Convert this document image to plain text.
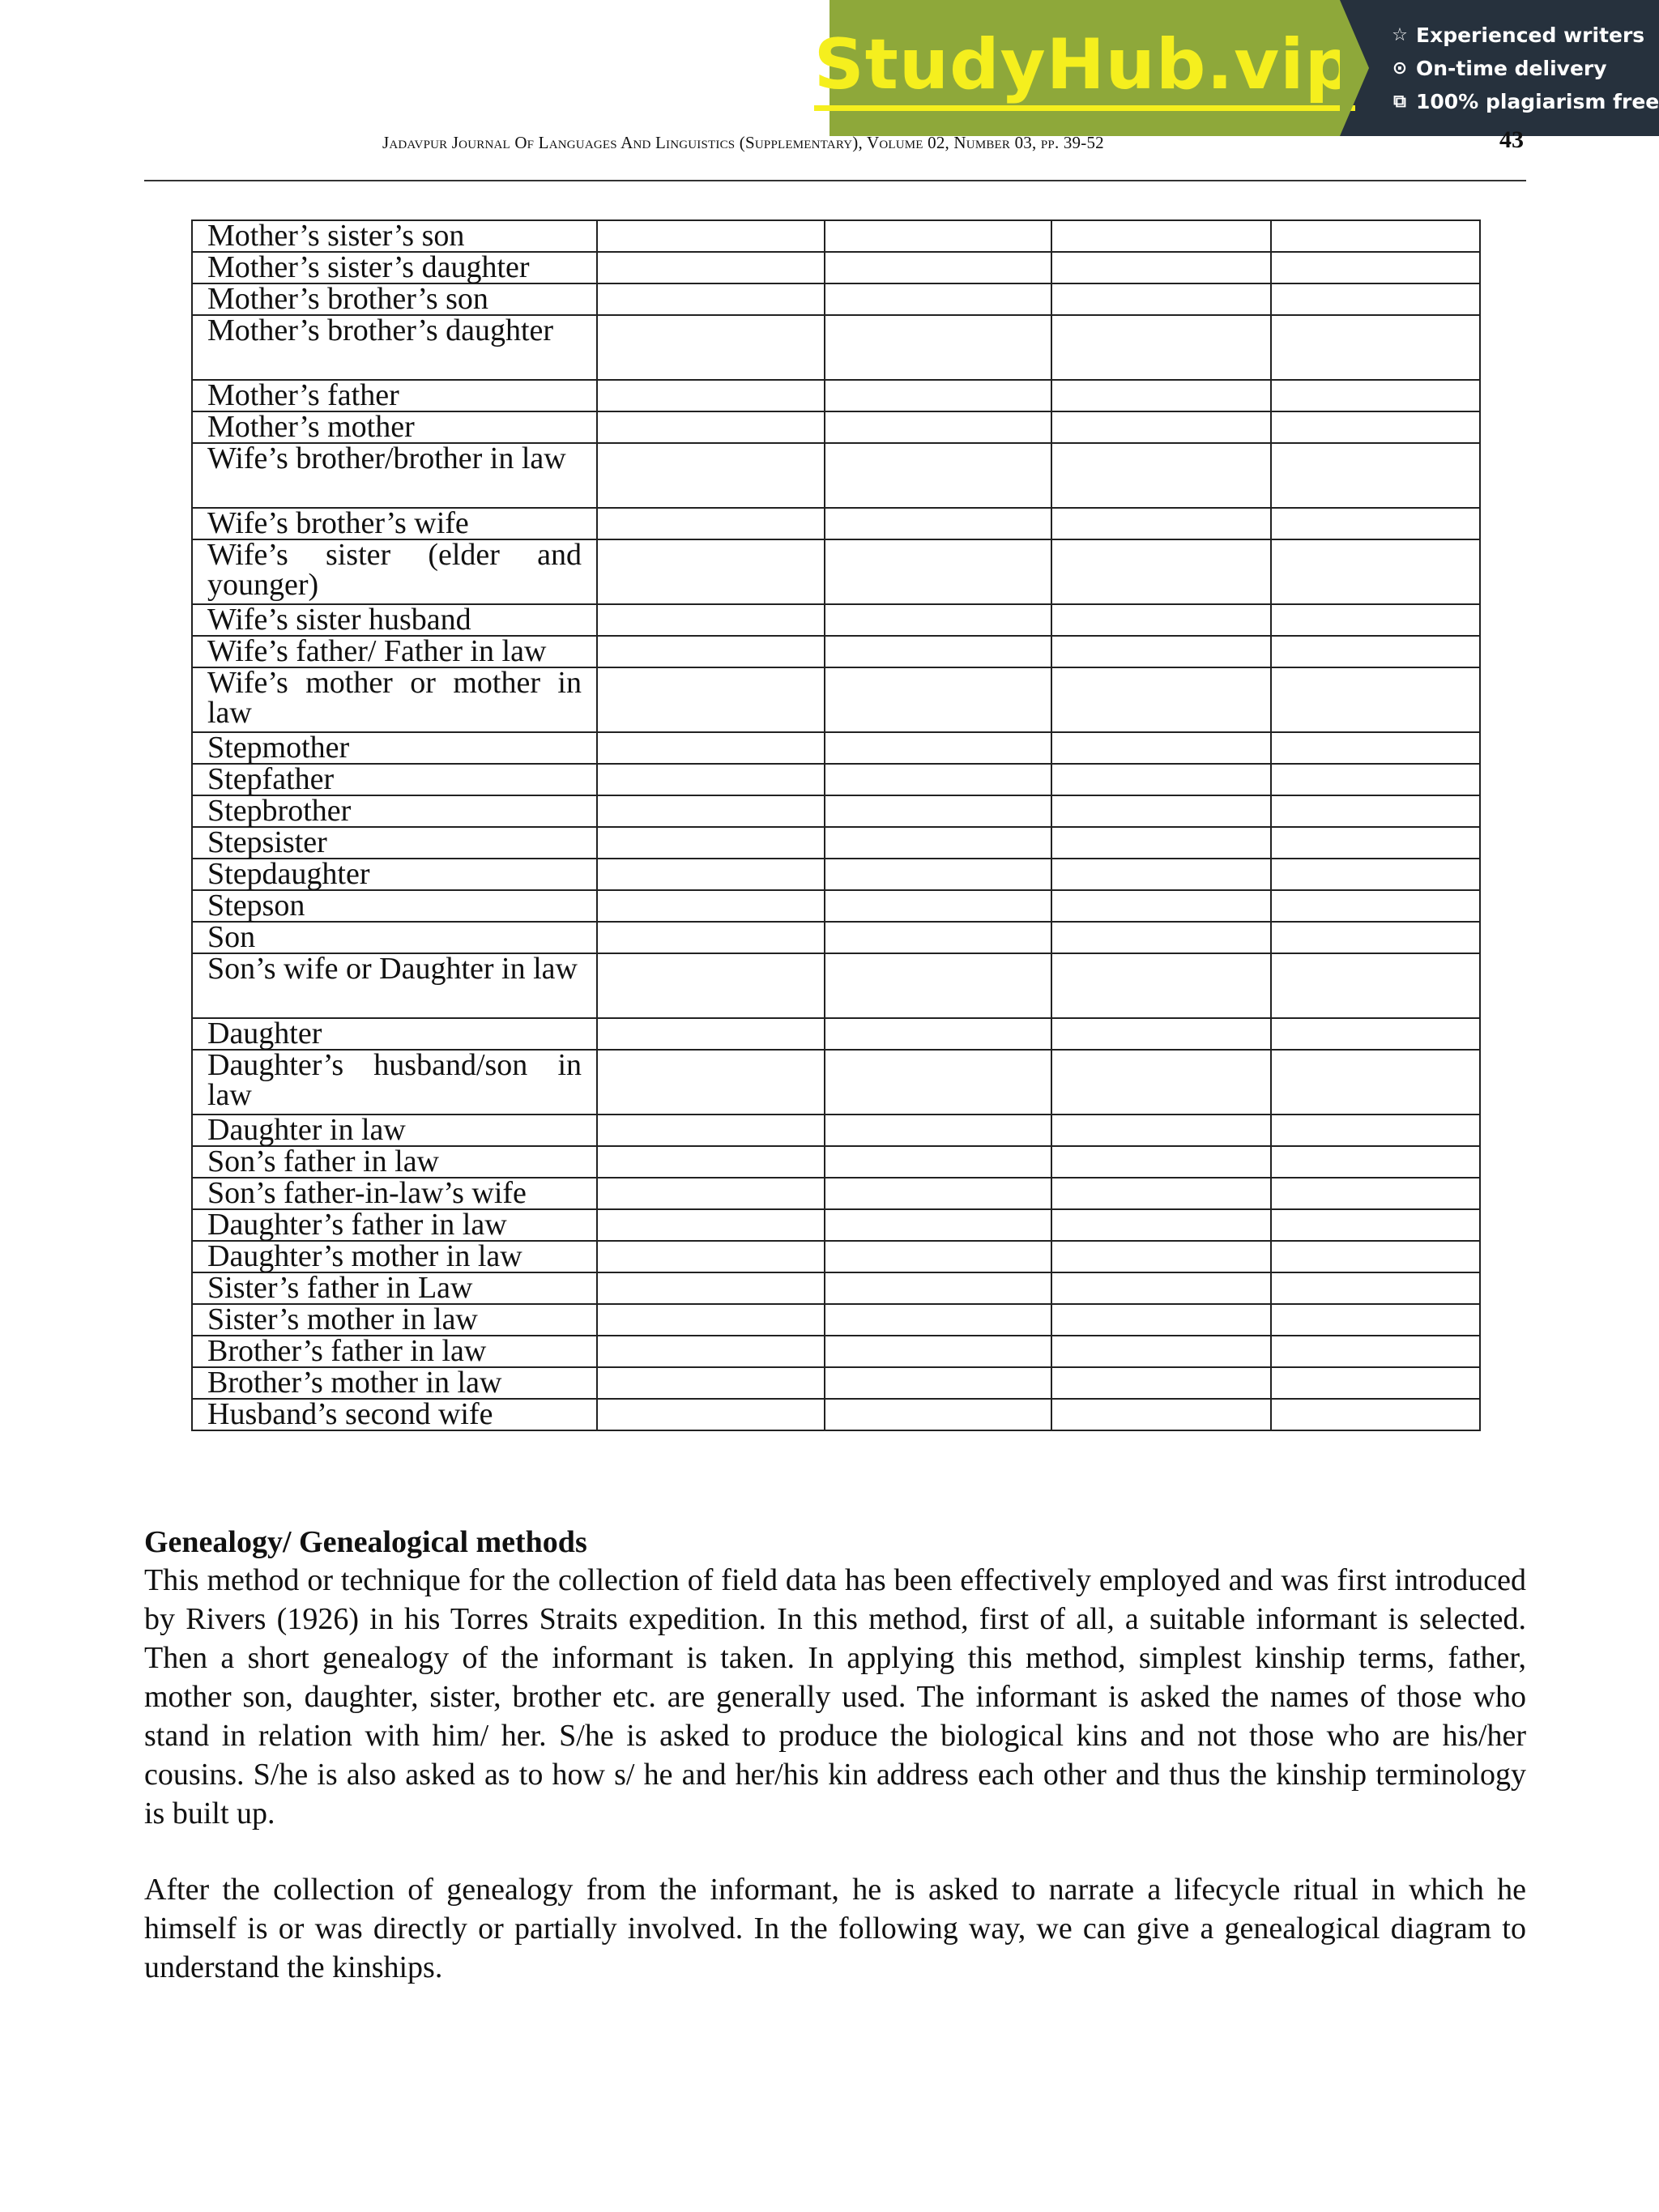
StudyHub.vip ☆ Experienced writers
⊙ On-time delivery
⧉ 100% plagiarism free
Jadavpur Journal Of Languages And Linguistics (Supplementary), Volume 02, Number 03, pp. 39-52	43
Mother’s sister’s son				
Mother’s sister’s daughter				
Mother’s brother’s son				
Mother’s brother’s daughter				
Mother’s father				
Mother’s mother				
Wife’s brother/brother in law				
Wife’s brother’s wife				
Wife’s sister (elder and younger)				
Wife’s sister husband				
Wife’s father/ Father in law				
Wife’s mother or mother in law				
Stepmother				
Stepfather				
Stepbrother				
Stepsister				
Stepdaughter				
Stepson				
Son				
Son’s wife or Daughter in law				
Daughter				
Daughter’s husband/son in law				
Daughter in law				
Son’s father in law				
Son’s father-in-law’s wife				
Daughter’s father in law				
Daughter’s mother in law				
Sister’s father in Law				
Sister’s mother in law				
Brother’s father in law				
Brother’s mother in law				
Husband’s second wife				
Genealogy/ Genealogical methods

This method or technique for the collection of field data has been effectively employed and was first introduced by Rivers (1926) in his Torres Straits expedition. In this method, first of all, a suitable informant is selected. Then a short genealogy of the informant is taken. In applying this method, simplest kinship terms, father, mother son, daughter, sister, brother etc. are generally used. The informant is asked the names of those who stand in relation with him/ her. S/he is asked to produce the biological kins and not those who are his/her cousins. S/he is also asked as to how s/ he and her/his kin address each other and thus the kinship terminology is built up.

After the collection of genealogy from the informant, he is asked to narrate a lifecycle ritual in which he himself is or was directly or partially involved. In the following way, we can give a genealogical diagram to understand the kinships.
